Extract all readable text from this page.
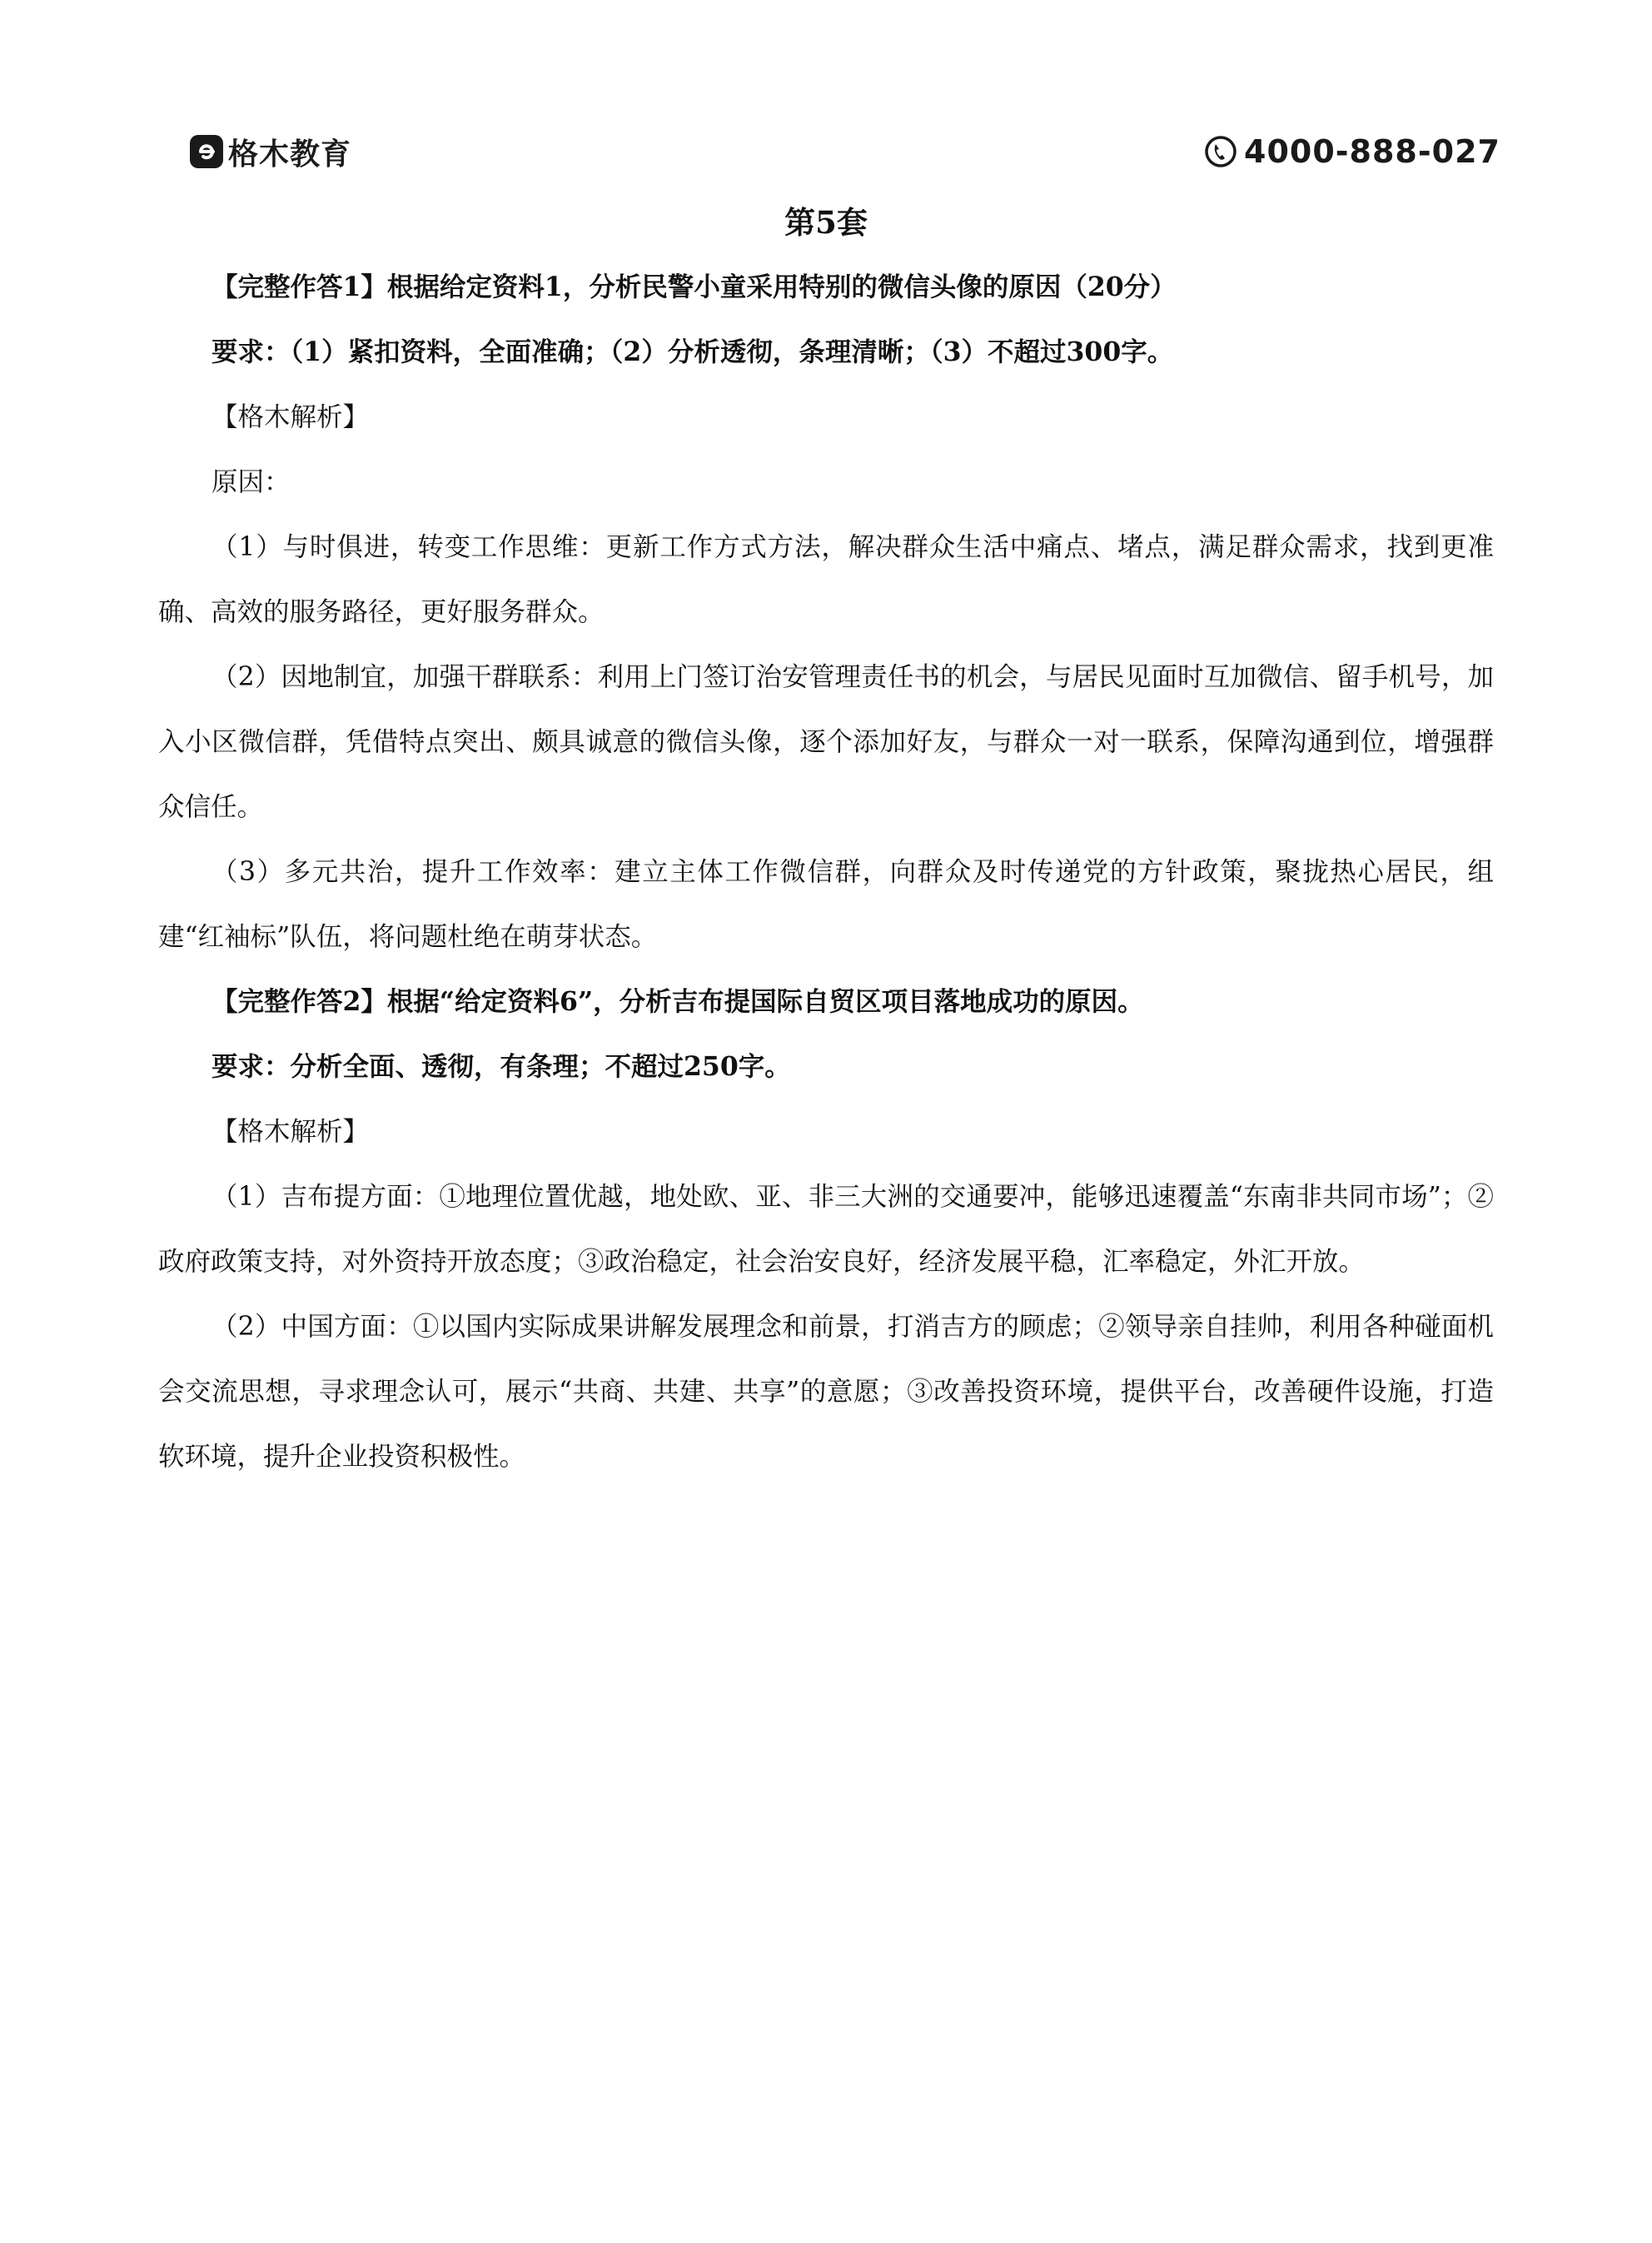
格木教育	4000-888-027
第5套

【完整作答1】根据给定资料1，分析民警小童采用特别的微信头像的原因（20分）

要求：（1）紧扣资料，全面准确；（2）分析透彻，条理清晰；（3）不超过300字。

【格木解析】

原因：

（1）与时俱进，转变工作思维：更新工作方式方法，解决群众生活中痛点、堵点，满足群众需求，找到更准确、高效的服务路径，更好服务群众。

（2）因地制宜，加强干群联系：利用上门签订治安管理责任书的机会，与居民见面时互加微信、留手机号，加入小区微信群，凭借特点突出、颇具诚意的微信头像，逐个添加好友，与群众一对一联系，保障沟通到位，增强群众信任。

（3）多元共治，提升工作效率：建立主体工作微信群，向群众及时传递党的方针政策，聚拢热心居民，组建“红袖标”队伍，将问题杜绝在萌芽状态。

【完整作答2】根据“给定资料6”，分析吉布提国际自贸区项目落地成功的原因。

要求：分析全面、透彻，有条理；不超过250字。

【格木解析】

（1）吉布提方面：①地理位置优越，地处欧、亚、非三大洲的交通要冲，能够迅速覆盖“东南非共同市场”；②政府政策支持，对外资持开放态度；③政治稳定，社会治安良好，经济发展平稳，汇率稳定，外汇开放。

（2）中国方面：①以国内实际成果讲解发展理念和前景，打消吉方的顾虑；②领导亲自挂帅，利用各种碰面机会交流思想，寻求理念认可，展示“共商、共建、共享”的意愿；③改善投资环境，提供平台，改善硬件设施，打造软环境，提升企业投资积极性。
